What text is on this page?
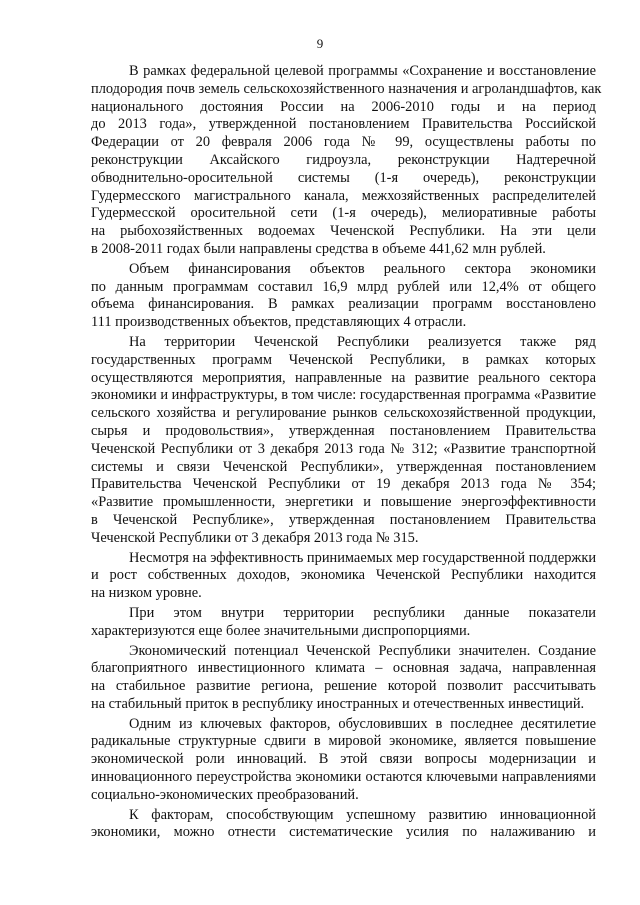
9

В рамках федеральной целевой программы «Сохранение и восстановление
плодородия почв земель сельскохозяйственного назначения и агроландшафтов, как
национального достояния России на 2006-2010 годы и на период
до 2013 года», утвержденной постановлением Правительства Российской
Федерации от 20 февраля 2006 года № 99, осуществлены работы по
реконструкции Аксайского гидроузла, реконструкции Надтеречной
обводнительно-оросительной системы (1-я очередь), реконструкции
Гудермесского магистрального канала, межхозяйственных распределителей
Гудермесской оросительной сети (1-я очередь), мелиоративные работы
на рыбохозяйственных водоемах Чеченской Республики. На эти цели
в 2008-2011 годах были направлены средства в объеме 441,62 млн рублей.

Объем финансирования объектов реального сектора экономики
по данным программам составил 16,9 млрд рублей или 12,4% от общего
объема финансирования. В рамках реализации программ восстановлено
111 производственных объектов, представляющих 4 отрасли.

На территории Чеченской Республики реализуется также ряд
государственных программ Чеченской Республики, в рамках которых
осуществляются мероприятия, направленные на развитие реального сектора
экономики и инфраструктуры, в том числе: государственная программа «Развитие
сельского хозяйства и регулирование рынков сельскохозяйственной продукции,
сырья и продовольствия», утвержденная постановлением Правительства
Чеченской Республики от 3 декабря 2013 года № 312; «Развитие транспортной
системы и связи Чеченской Республики», утвержденная постановлением
Правительства Чеченской Республики от 19 декабря 2013 года № 354;
«Развитие промышленности, энергетики и повышение энергоэффективности
в Чеченской Республике», утвержденная постановлением Правительства
Чеченской Республики от 3 декабря 2013 года № 315.

Несмотря на эффективность принимаемых мер государственной поддержки
и рост собственных доходов, экономика Чеченской Республики находится
на низком уровне.

При этом внутри территории республики данные показатели
характеризуются еще более значительными диспропорциями.

Экономический потенциал Чеченской Республики значителен. Создание
благоприятного инвестиционного климата – основная задача, направленная
на стабильное развитие региона, решение которой позволит рассчитывать
на стабильный приток в республику иностранных и отечественных инвестиций.

Одним из ключевых факторов, обусловивших в последнее десятилетие
радикальные структурные сдвиги в мировой экономике, является повышение
экономической роли инноваций. В этой связи вопросы модернизации и
инновационного переустройства экономики остаются ключевыми направлениями
социально-экономических преобразований.

К факторам, способствующим успешному развитию инновационной
экономики, можно отнести систематические усилия по налаживанию и
